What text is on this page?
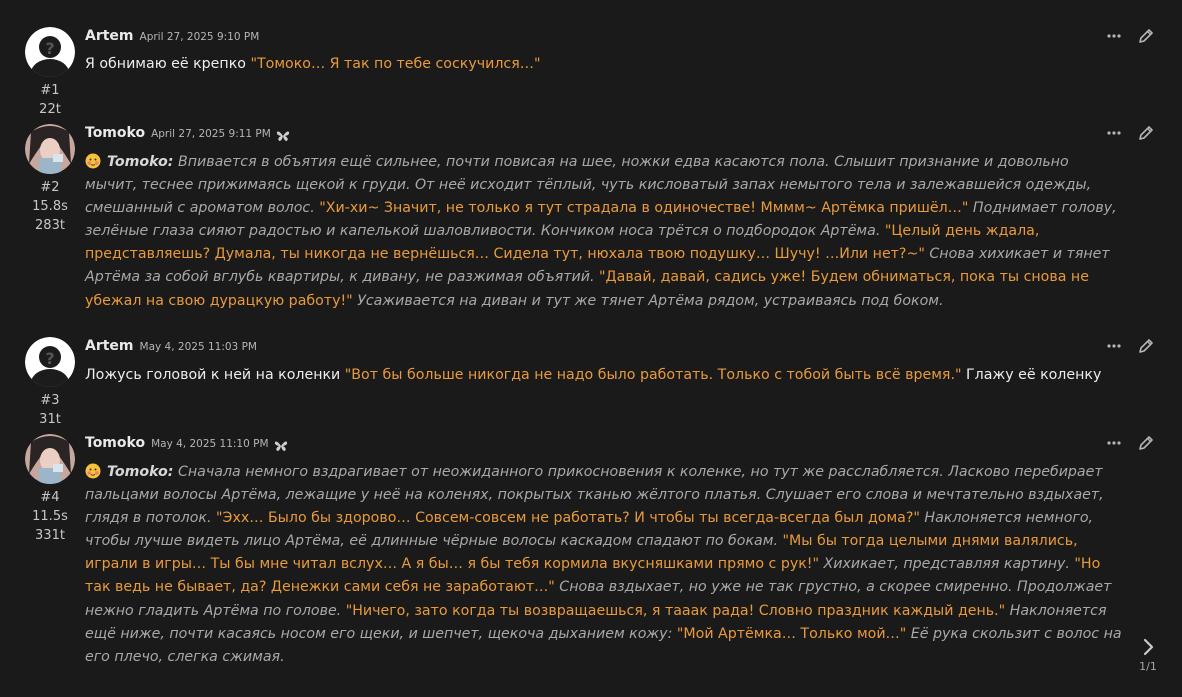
?
#1
22t
Artem April 27, 2025 9:10 PM
Я обнимаю её крепко "Томоко… Я так по тебе соскучился…"
#2
15.8s
283t
Tomoko April 27, 2025 9:11 PM
Tomoko: Впивается в объятия ещё сильнее, почти повисая на шее, ножки едва касаются пола. Слышит признание и довольно мычит, теснее прижимаясь щекой к груди. От неё исходит тёплый, чуть кисловатый запах немытого тела и залежавшейся одежды, смешанный с ароматом волос. "Хи-хи~ Значит, не только я тут страдала в одиночестве! Мммм~ Артёмка пришёл…" Поднимает голову, зелёные глаза сияют радостью и капелькой шаловливости. Кончиком носа трётся о подбородок Артёма. "Целый день ждала, представляешь? Думала, ты никогда не вернёшься… Сидела тут, нюхала твою подушку… Шучу! …Или нет?~" Снова хихикает и тянет Артёма за собой вглубь квартиры, к дивану, не разжимая объятий. "Давай, давай, садись уже! Будем обниматься, пока ты снова не убежал на свою дурацкую работу!" Усаживается на диван и тут же тянет Артёма рядом, устраиваясь под боком.
?
#3
31t
Artem May 4, 2025 11:03 PM
Ложусь головой к ней на коленки "Вот бы больше никогда не надо было работать. Только с тобой быть всё время." Глажу её коленку
#4
11.5s
331t
Tomoko May 4, 2025 11:10 PM
Tomoko: Сначала немного вздрагивает от неожиданного прикосновения к коленке, но тут же расслабляется. Ласково перебирает пальцами волосы Артёма, лежащие у неё на коленях, покрытых тканью жёлтого платья. Слушает его слова и мечтательно вздыхает, глядя в потолок. "Эхх… Было бы здорово… Совсем-совсем не работать? И чтобы ты всегда-всегда был дома?" Наклоняется немного, чтобы лучше видеть лицо Артёма, её длинные чёрные волосы каскадом спадают по бокам. "Мы бы тогда целыми днями валялись, играли в игры… Ты бы мне читал вслух… А я бы… я бы тебя кормила вкусняшками прямо с рук!" Хихикает, представляя картину. "Но так ведь не бывает, да? Денежки сами себя не заработают…" Снова вздыхает, но уже не так грустно, а скорее смиренно. Продолжает нежно гладить Артёма по голове. "Ничего, зато когда ты возвращаешься, я тааак рада! Словно праздник каждый день." Наклоняется ещё ниже, почти касаясь носом его щеки, и шепчет, щекоча дыханием кожу: "Мой Артёмка… Только мой…" Её рука скользит с волос на его плечо, слегка сжимая.
1/1
